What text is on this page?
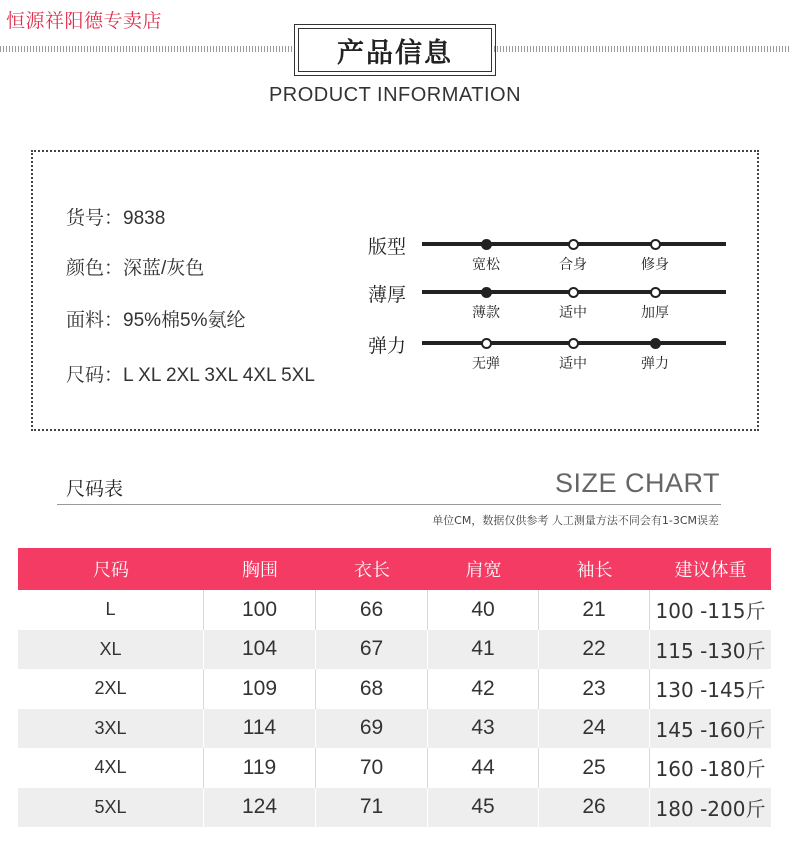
恒源祥阳德专卖店
产品信息
PRODUCT INFORMATION
货号：9838
颜色：深蓝/灰色
面料：95%棉5%氨纶
尺码：L XL 2XL 3XL 4XL 5XL
版型
宽松	合身	修身
薄厚
薄款	适中	加厚
弹力
无弹	适中	弹力
尺码表	SIZE CHART
单位CM，数据仅供参考 人工测量方法不同会有1-3CM误差
尺码	胸围	衣长	肩宽	袖长	建议体重
L	100	66	40	21	100 -115斤
XL	104	67	41	22	115 -130斤
2XL	109	68	42	23	130 -145斤
3XL	114	69	43	24	145 -160斤
4XL	119	70	44	25	160 -180斤
5XL	124	71	45	26	180 -200斤
